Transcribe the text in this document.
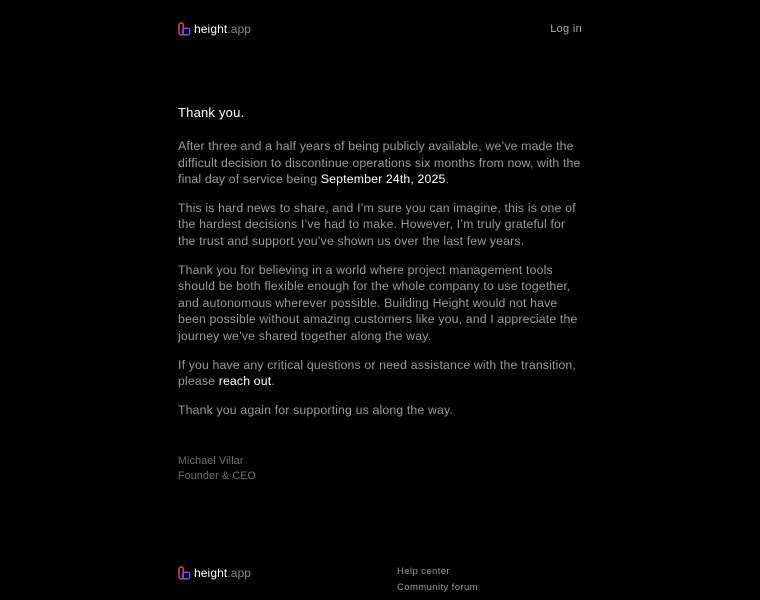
height.app	Log in
Thank you.

After three and a half years of being publicly available, we’ve made the difficult decision to discontinue operations six months from now, with the final day of service being September 24th, 2025.

This is hard news to share, and I’m sure you can imagine, this is one of the hardest decisions I’ve had to make. However, I’m truly grateful for the trust and support you’ve shown us over the last few years.

Thank you for believing in a world where project management tools should be both flexible enough for the whole company to use together, and autonomous wherever possible. Building Height would not have been possible without amazing customers like you, and I appreciate the journey we’ve shared together along the way.

If you have any critical questions or need assistance with the transition, please reach out.

Thank you again for supporting us along the way.

Michael Villar
Founder & CEO
height.app	Help center
Community forum
